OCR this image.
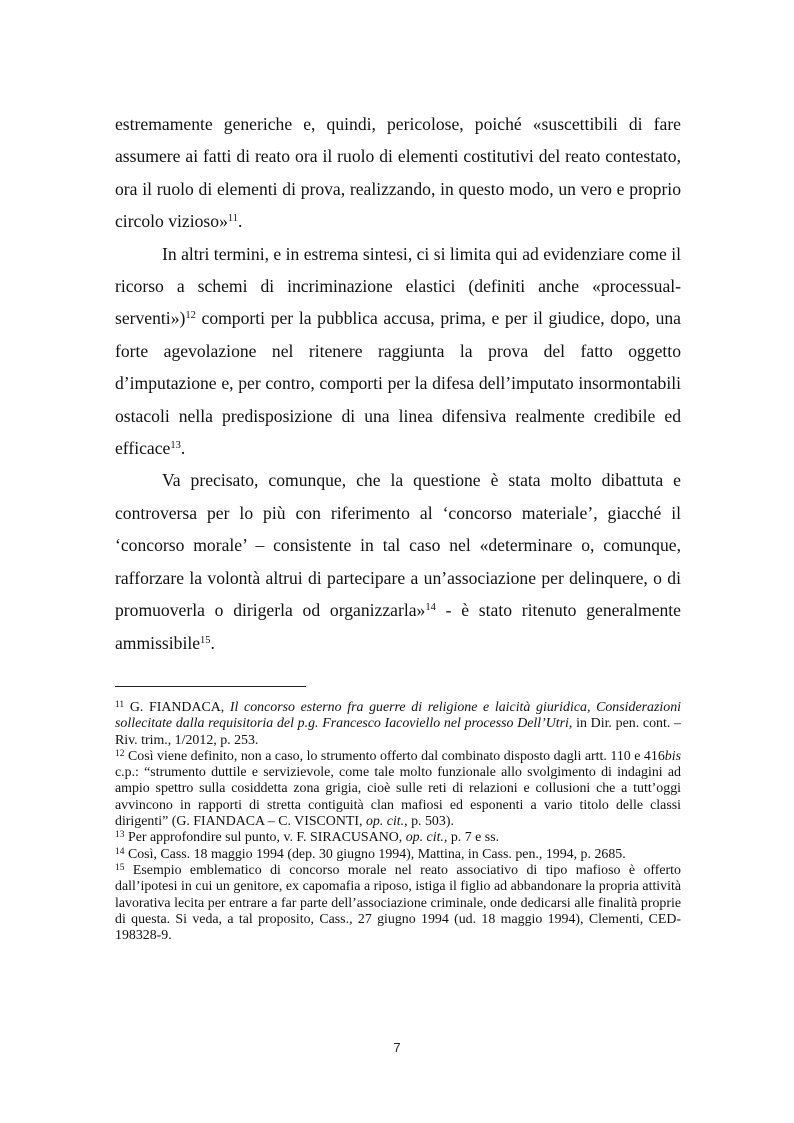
estremamente generiche e, quindi, pericolose, poiché «suscettibili di fare assumere ai fatti di reato ora il ruolo di elementi costitutivi del reato contestato, ora il ruolo di elementi di prova, realizzando, in questo modo, un vero e proprio circolo vizioso»$^{11}$.

In altri termini, e in estrema sintesi, ci si limita qui ad evidenziare come il ricorso a schemi di incriminazione elastici (definiti anche «processual-serventi»)$^{12}$ comporti per la pubblica accusa, prima, e per il giudice, dopo, una forte agevolazione nel ritenere raggiunta la prova del fatto oggetto d’imputazione e, per contro, comporti per la difesa dell’imputato insormontabili ostacoli nella predisposizione di una linea difensiva realmente credibile ed efficace$^{13}$.

Va precisato, comunque, che la questione è stata molto dibattuta e controversa per lo più con riferimento al ‘concorso materiale’, giacché il ‘concorso morale’ – consistente in tal caso nel «determinare o, comunque, rafforzare la volontà altrui di partecipare a un’associazione per delinquere, o di promuoverla o dirigerla od organizzarla»$^{14}$ - è stato ritenuto generalmente ammissibile$^{15}$.

$^{11}$ G. FIANDACA, Il concorso esterno fra guerre di religione e laicità giuridica, Considerazioni sollecitate dalla requisitoria del p.g. Francesco Iacoviello nel processo Dell’Utri, in Dir. pen. cont. – Riv. trim., 1/2012, p. 253.

$^{12}$ Così viene definito, non a caso, lo strumento offerto dal combinato disposto dagli artt. 110 e 416bis c.p.: “strumento duttile e servizievole, come tale molto funzionale allo svolgimento di indagini ad ampio spettro sulla cosiddetta zona grigia, cioè sulle reti di relazioni e collusioni che a tutt’oggi avvincono in rapporti di stretta contiguità clan mafiosi ed esponenti a vario titolo delle classi dirigenti” (G. FIANDACA – C. VISCONTI, op. cit., p. 503).

$^{13}$ Per approfondire sul punto, v. F. SIRACUSANO, op. cit., p. 7 e ss.

$^{14}$ Così, Cass. 18 maggio 1994 (dep. 30 giugno 1994), Mattina, in Cass. pen., 1994, p. 2685.

$^{15}$ Esempio emblematico di concorso morale nel reato associativo di tipo mafioso è offerto dall’ipotesi in cui un genitore, ex capomafia a riposo, istiga il figlio ad abbandonare la propria attività lavorativa lecita per entrare a far parte dell’associazione criminale, onde dedicarsi alle finalità proprie di questa. Si veda, a tal proposito, Cass., 27 giugno 1994 (ud. 18 maggio 1994), Clementi, CED-198328-9.

7
